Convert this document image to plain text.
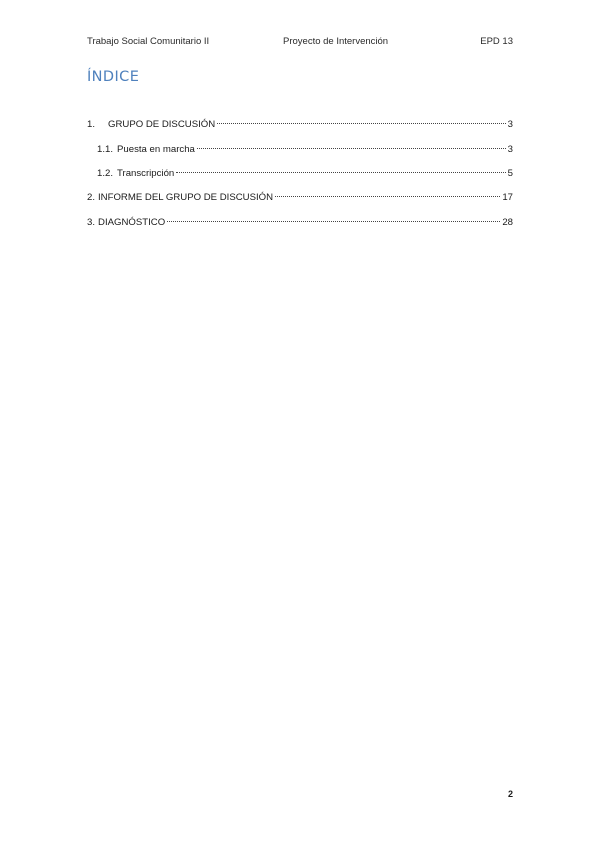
Trabajo Social Comunitario II	Proyecto de Intervención	EPD 13
ÍNDICE
1.	GRUPO DE DISCUSIÓN	3
1.1. Puesta en marcha	3
1.2. Transcripción	5
2. INFORME DEL GRUPO DE DISCUSIÓN	17
3. DIAGNÓSTICO	28
2
